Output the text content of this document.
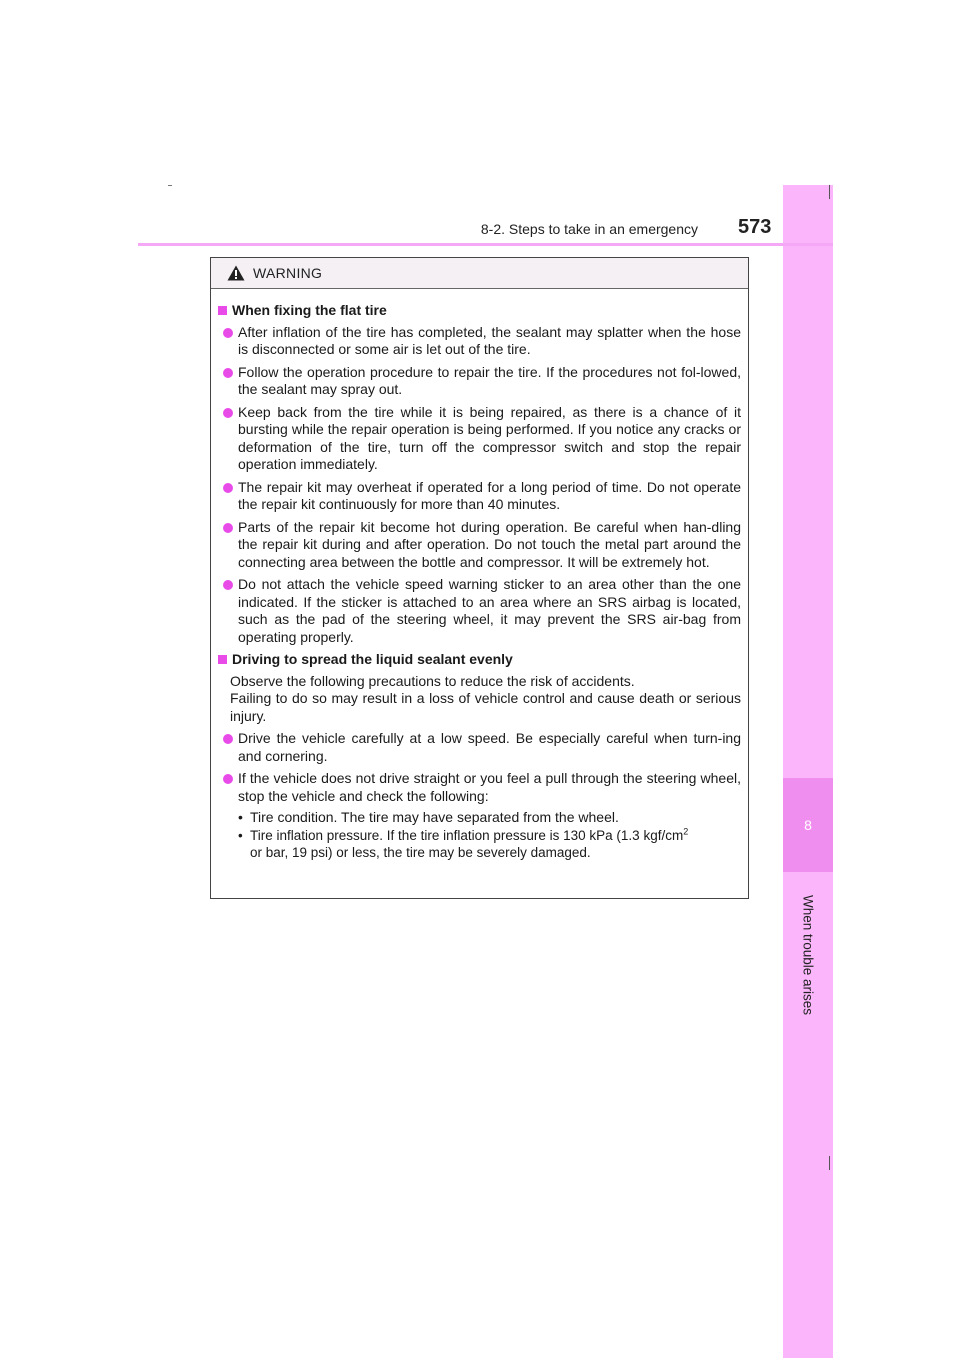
8
When trouble arises
8-2. Steps to take in an emergency 573
WARNING
When fixing the flat tire
After inflation of the tire has completed, the sealant may splatter when the hose is disconnected or some air is let out of the tire.
Follow the operation procedure to repair the tire. If the procedures not fol-lowed, the sealant may spray out.
Keep back from the tire while it is being repaired, as there is a chance of it bursting while the repair operation is being performed. If you notice any cracks or deformation of the tire, turn off the compressor switch and stop the repair operation immediately.
The repair kit may overheat if operated for a long period of time. Do not operate the repair kit continuously for more than 40 minutes.
Parts of the repair kit become hot during operation. Be careful when han-dling the repair kit during and after operation. Do not touch the metal part around the connecting area between the bottle and compressor. It will be extremely hot.
Do not attach the vehicle speed warning sticker to an area other than the one indicated. If the sticker is attached to an area where an SRS airbag is located, such as the pad of the steering wheel, it may prevent the SRS air-bag from operating properly.
Driving to spread the liquid sealant evenly
Observe the following precautions to reduce the risk of accidents.
Failing to do so may result in a loss of vehicle control and cause death or serious injury.
Drive the vehicle carefully at a low speed. Be especially careful when turn-ing and cornering.
If the vehicle does not drive straight or you feel a pull through the steering wheel, stop the vehicle and check the following:
• Tire condition. The tire may have separated from the wheel.
• Tire inflation pressure. If the tire inflation pressure is 130 kPa (1.3 kgf/$cm^2$
or bar, 19 psi) or less, the tire may be severely damaged.
